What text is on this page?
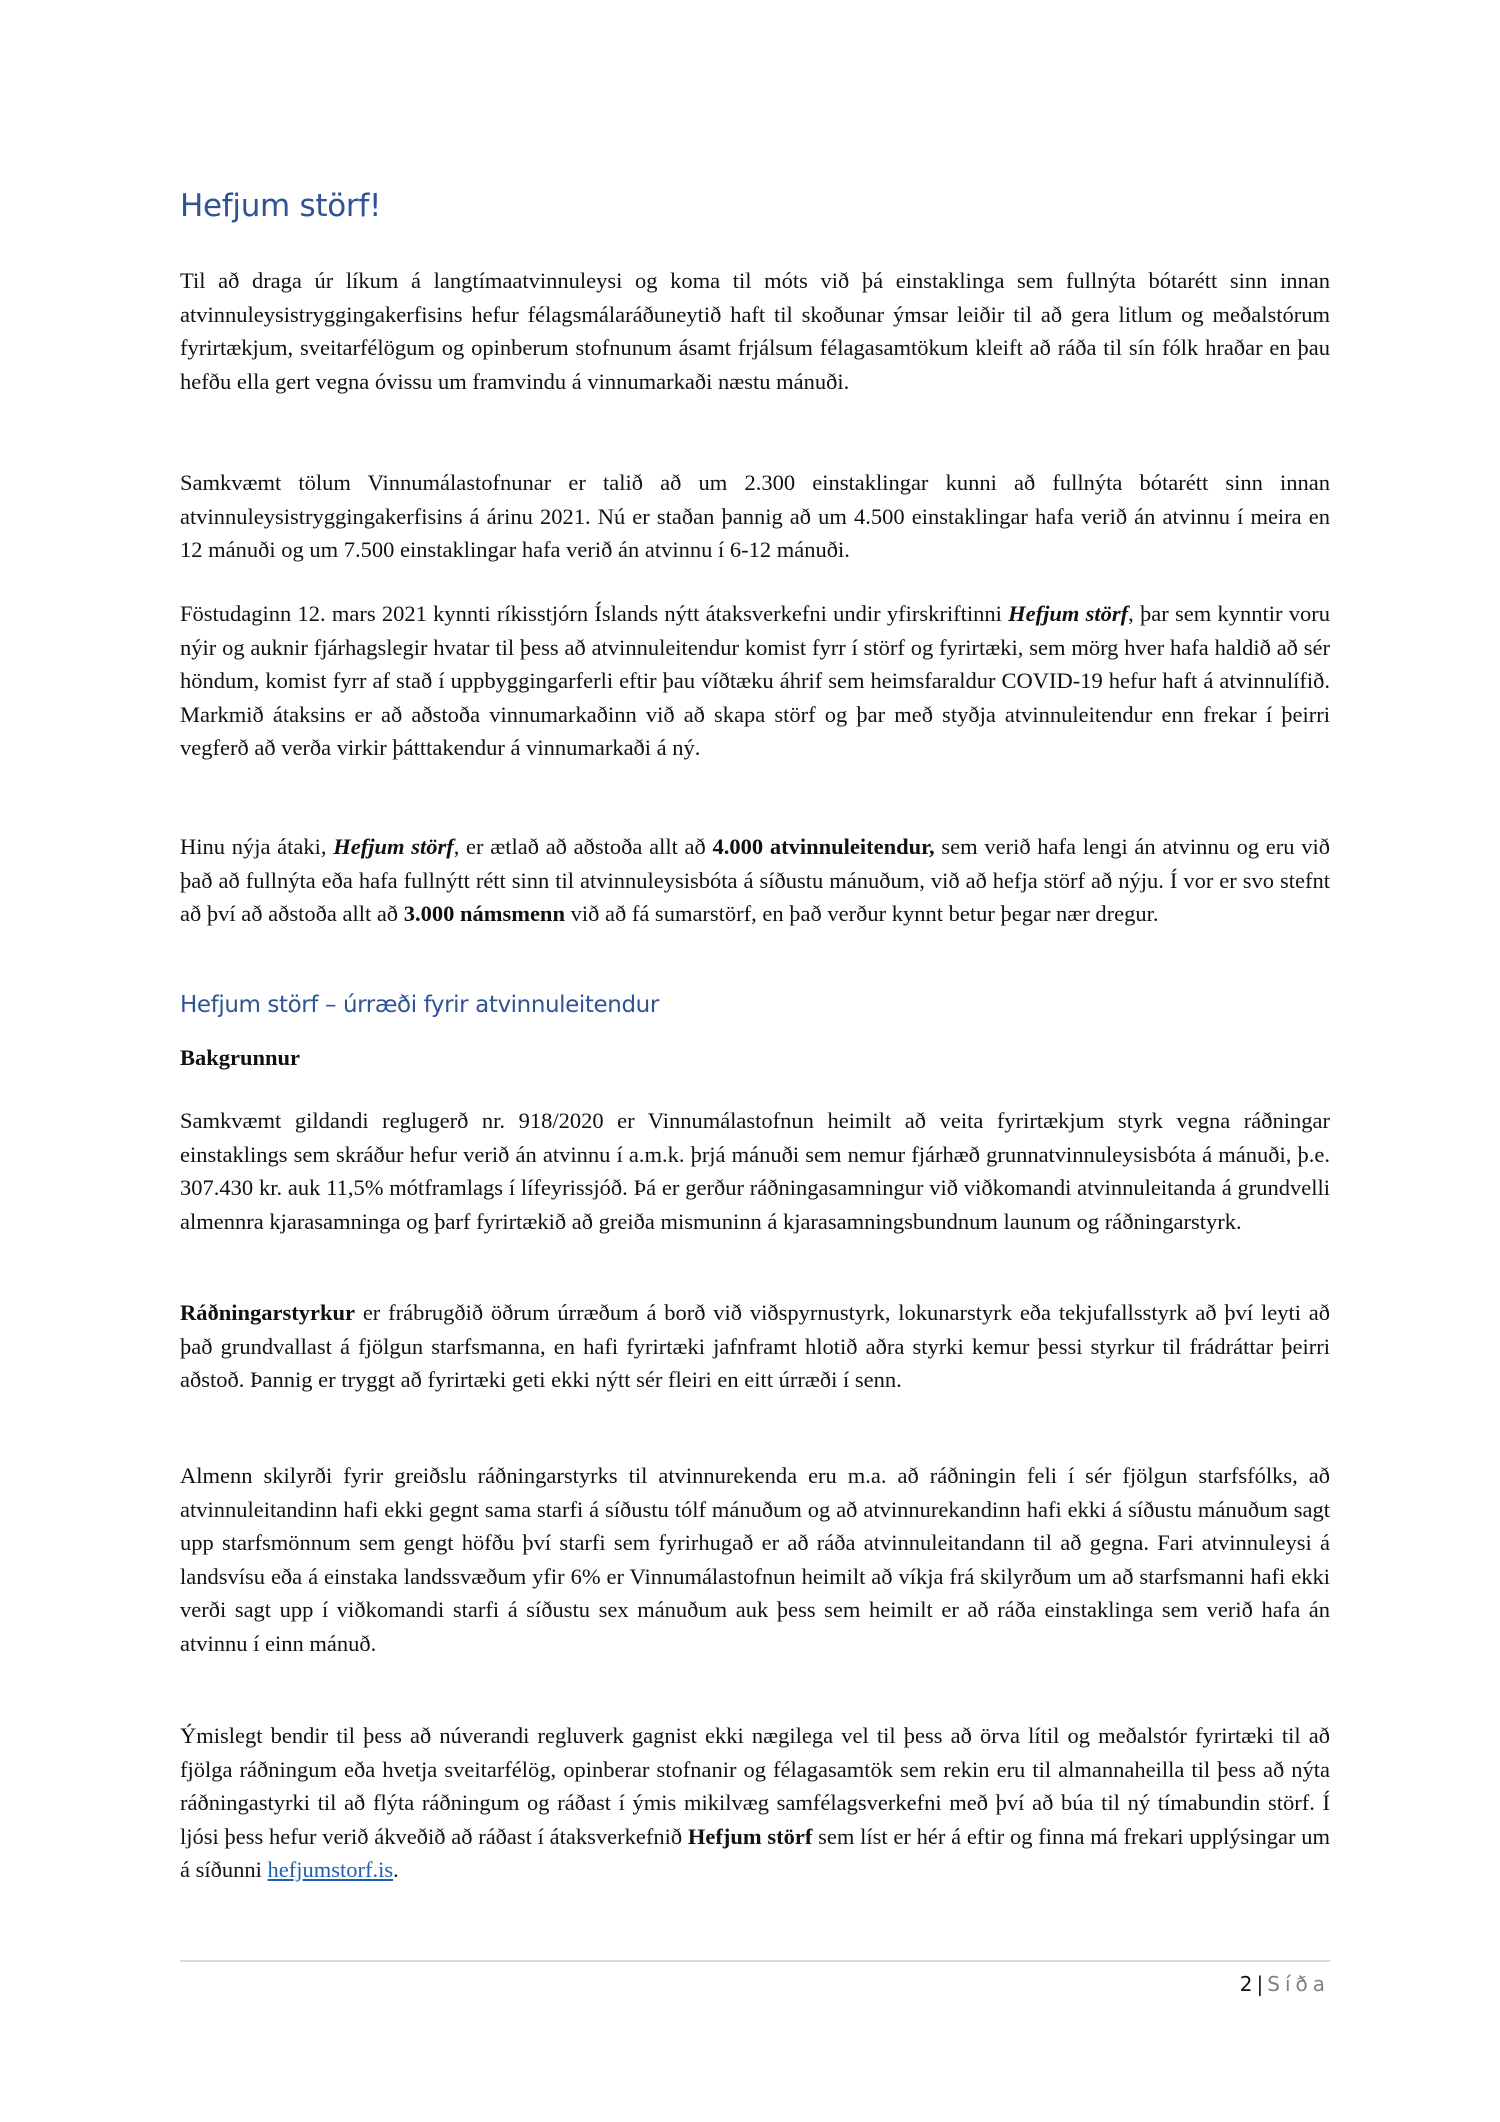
Hefjum störf!

Til að draga úr líkum á langtímaatvinnuleysi og koma til móts við þá einstaklinga sem fullnýta bótarétt sinn innan atvinnuleysistryggingakerfisins hefur félagsmálaráðuneytið haft til skoðunar ýmsar leiðir til að gera litlum og meðalstórum fyrirtækjum, sveitarfélögum og opinberum stofnunum ásamt frjálsum félagasamtökum kleift að ráða til sín fólk hraðar en þau hefðu ella gert vegna óvissu um framvindu á vinnumarkaði næstu mánuði.

Samkvæmt tölum Vinnumálastofnunar er talið að um 2.300 einstaklingar kunni að fullnýta bótarétt sinn innan atvinnuleysistryggingakerfisins á árinu 2021. Nú er staðan þannig að um 4.500 einstaklingar hafa verið án atvinnu í meira en 12 mánuði og um 7.500 einstaklingar hafa verið án atvinnu í 6-12 mánuði.

Föstudaginn 12. mars 2021 kynnti ríkisstjórn Íslands nýtt átaksverkefni undir yfirskriftinni Hefjum störf, þar sem kynntir voru nýir og auknir fjárhagslegir hvatar til þess að atvinnuleitendur komist fyrr í störf og fyrirtæki, sem mörg hver hafa haldið að sér höndum, komist fyrr af stað í uppbyggingarferli eftir þau víðtæku áhrif sem heimsfaraldur COVID-19 hefur haft á atvinnulífið. Markmið átaksins er að aðstoða vinnumarkaðinn við að skapa störf og þar með styðja atvinnuleitendur enn frekar í þeirri vegferð að verða virkir þátttakendur á vinnumarkaði á ný.

Hinu nýja átaki, Hefjum störf, er ætlað að aðstoða allt að 4.000 atvinnuleitendur, sem verið hafa lengi án atvinnu og eru við það að fullnýta eða hafa fullnýtt rétt sinn til atvinnuleysisbóta á síðustu mánuðum, við að hefja störf að nýju. Í vor er svo stefnt að því að aðstoða allt að 3.000 námsmenn við að fá sumarstörf, en það verður kynnt betur þegar nær dregur.

Hefjum störf – úrræði fyrir atvinnuleitendur
Bakgrunnur

Samkvæmt gildandi reglugerð nr. 918/2020 er Vinnumálastofnun heimilt að veita fyrirtækjum styrk vegna ráðningar einstaklings sem skráður hefur verið án atvinnu í a.m.k. þrjá mánuði sem nemur fjárhæð grunnatvinnuleysisbóta á mánuði, þ.e. 307.430 kr. auk 11,5% mótframlags í lífeyrissjóð. Þá er gerður ráðningasamningur við viðkomandi atvinnuleitanda á grundvelli almennra kjarasamninga og þarf fyrirtækið að greiða mismuninn á kjarasamningsbundnum launum og ráðningarstyrk.

Ráðningarstyrkur er frábrugðið öðrum úrræðum á borð við viðspyrnustyrk, lokunarstyrk eða tekjufallsstyrk að því leyti að það grundvallast á fjölgun starfsmanna, en hafi fyrirtæki jafnframt hlotið aðra styrki kemur þessi styrkur til frádráttar þeirri aðstoð. Þannig er tryggt að fyrirtæki geti ekki nýtt sér fleiri en eitt úrræði í senn.

Almenn skilyrði fyrir greiðslu ráðningarstyrks til atvinnurekenda eru m.a. að ráðningin feli í sér fjölgun starfsfólks, að atvinnuleitandinn hafi ekki gegnt sama starfi á síðustu tólf mánuðum og að atvinnurekandinn hafi ekki á síðustu mánuðum sagt upp starfsmönnum sem gengt höfðu því starfi sem fyrirhugað er að ráða atvinnuleitandann til að gegna. Fari atvinnuleysi á landsvísu eða á einstaka landssvæðum yfir 6% er Vinnumálastofnun heimilt að víkja frá skilyrðum um að starfsmanni hafi ekki verði sagt upp í viðkomandi starfi á síðustu sex mánuðum auk þess sem heimilt er að ráða einstaklinga sem verið hafa án atvinnu í einn mánuð.

Ýmislegt bendir til þess að núverandi regluverk gagnist ekki nægilega vel til þess að örva lítil og meðalstór fyrirtæki til að fjölga ráðningum eða hvetja sveitarfélög, opinberar stofnanir og félagasamtök sem rekin eru til almannaheilla til þess að nýta ráðningastyrki til að flýta ráðningum og ráðast í ýmis mikilvæg samfélagsverkefni með því að búa til ný tímabundin störf. Í ljósi þess hefur verið ákveðið að ráðast í átaksverkefnið Hefjum störf sem líst er hér á eftir og finna má frekari upplýsingar um á síðunni hefjumstorf.is.

2 | Síða
